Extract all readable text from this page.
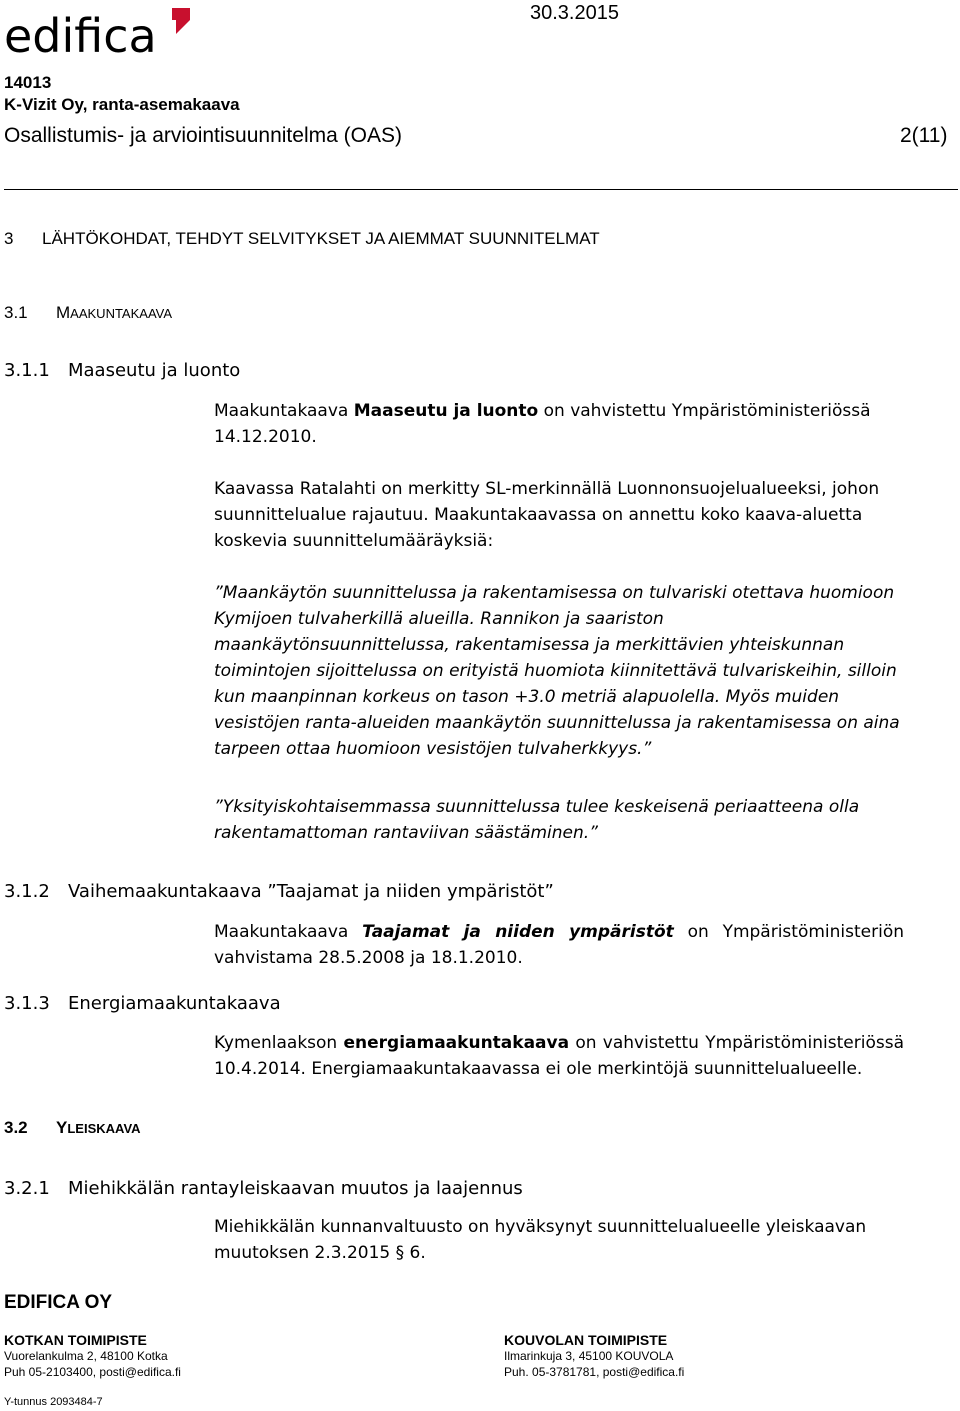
edifica	30.3.2015
14013
K-Vizit Oy, ranta-asemakaava
Osallistumis- ja arviointisuunnitelma (OAS)	2(11)
3 LÄHTÖKOHDAT, TEHDYT SELVITYKSET JA AIEMMAT SUUNNITELMAT
3.1 MAAKUNTAKAAVA
3.1.1 Maaseutu ja luonto
Maakuntakaava Maaseutu ja luonto on vahvistettu Ympäristöministeriössä 14.12.2010.
Kaavassa Ratalahti on merkitty SL-merkinnällä Luonnonsuojelualueeksi, johon suunnittelualue rajautuu. Maakuntakaavassa on annettu koko kaava-aluetta koskevia suunnittelumääräyksiä:
”Maankäytön suunnittelussa ja rakentamisessa on tulvariski otettava huomioon Kymijoen tulvaherkillä alueilla. Rannikon ja saariston maankäytönsuunnittelussa, rakentamisessa ja merkittävien yhteiskunnan toimintojen sijoittelussa on erityistä huomiota kiinnitettävä tulvariskeihin, silloin kun maanpinnan korkeus on tason +3.0 metriä alapuolella. Myös muiden vesistöjen ranta-alueiden maankäytön suunnittelussa ja rakentamisessa on aina tarpeen ottaa huomioon vesistöjen tulvaherkkyys.”
”Yksityiskohtaisemmassa suunnittelussa tulee keskeisenä periaatteena olla rakentamattoman rantaviivan säästäminen.”
3.1.2 Vaihemaakuntakaava ”Taajamat ja niiden ympäristöt”
Maakuntakaava Taajamat ja niiden ympäristöt on Ympäristöministeriön vahvistama 28.5.2008 ja 18.1.2010.
3.1.3 Energiamaakuntakaava
Kymenlaakson energiamaakuntakaava on vahvistettu Ympäristöministeriössä 10.4.2014. Energiamaakuntakaavassa ei ole merkintöjä suunnittelualueelle.
3.2 YLEISKAAVA
3.2.1 Miehikkälän rantayleiskaavan muutos ja laajennus
Miehikkälän kunnanvaltuusto on hyväksynyt suunnittelualueelle yleiskaavan muutoksen 2.3.2015 § 6.
EDIFICA OY
KOTKAN TOIMIPISTE
Vuorelankulma 2, 48100 Kotka
Puh 05-2103400, posti@edifica.fi
KOUVOLAN TOIMIPISTE
Ilmarinkuja 3, 45100 KOUVOLA
Puh. 05-3781781, posti@edifica.fi
Y-tunnus 2093484-7
